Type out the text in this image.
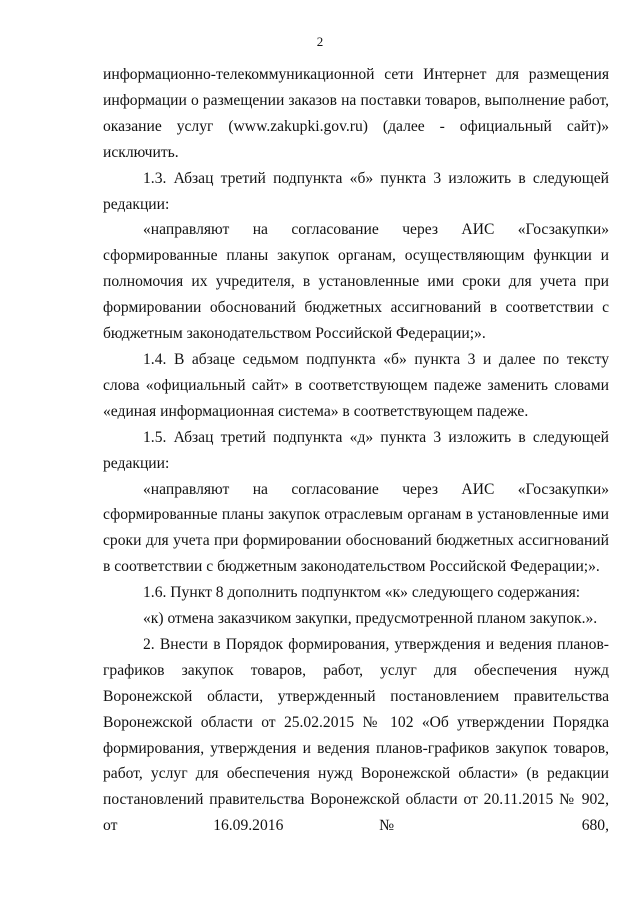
2

информационно-телекоммуникационной сети Интернет для размещения информации о размещении заказов на поставки товаров, выполнение работ, оказание услуг (www.zakupki.gov.ru) (далее - официальный сайт)» исключить.

1.3. Абзац третий подпункта «б» пункта 3 изложить в следующей редакции:

«направляют на согласование через АИС «Госзакупки» сформированные планы закупок органам, осуществляющим функции и полномочия их учредителя, в установленные ими сроки для учета при формировании обоснований бюджетных ассигнований в соответствии с бюджетным законодательством Российской Федерации;».

1.4. В абзаце седьмом подпункта «б» пункта 3 и далее по тексту слова «официальный сайт» в соответствующем падеже заменить словами «единая информационная система» в соответствующем падеже.

1.5. Абзац третий подпункта «д» пункта 3 изложить в следующей редакции:

«направляют на согласование через АИС «Госзакупки» сформированные планы закупок отраслевым органам в установленные ими сроки для учета при формировании обоснований бюджетных ассигнований в соответствии с бюджетным законодательством Российской Федерации;».

1.6. Пункт 8 дополнить подпунктом «к» следующего содержания:

«к) отмена заказчиком закупки, предусмотренной планом закупок.».

2. Внести в Порядок формирования, утверждения и ведения планов-графиков закупок товаров, работ, услуг для обеспечения нужд Воронежской области, утвержденный постановлением правительства Воронежской области от 25.02.2015 № 102 «Об утверждении Порядка формирования, утверждения и ведения планов-графиков закупок товаров, работ, услуг для обеспечения нужд Воронежской области» (в редакции постановлений правительства Воронежской области от 20.11.2015 № 902, от 16.09.2016 № 680,
